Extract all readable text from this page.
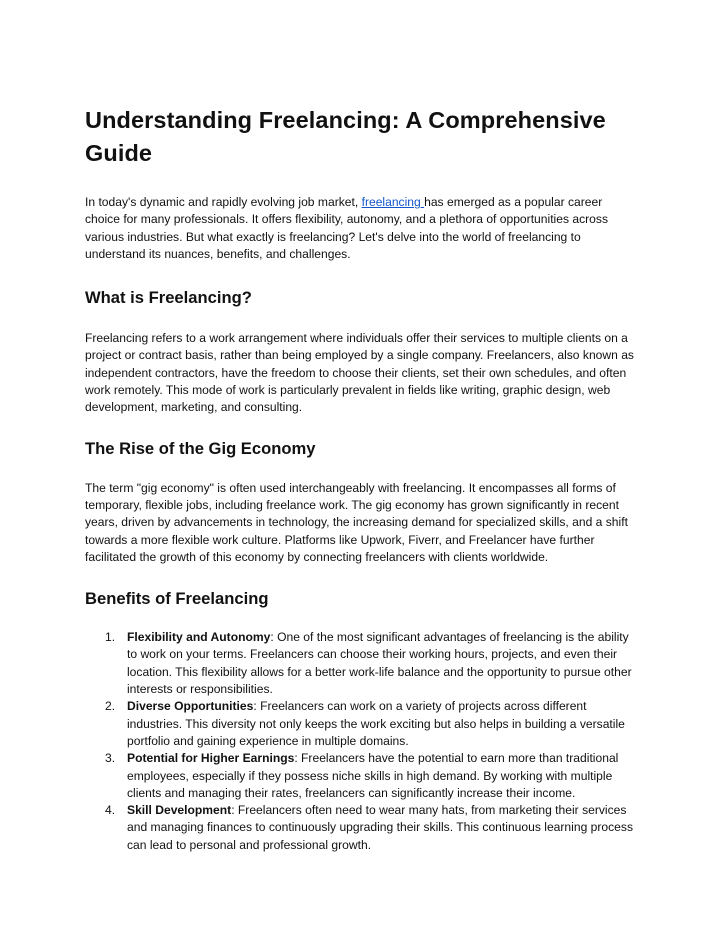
Understanding Freelancing: A Comprehensive Guide

In today's dynamic and rapidly evolving job market, freelancing has emerged as a popular career choice for many professionals. It offers flexibility, autonomy, and a plethora of opportunities across various industries. But what exactly is freelancing? Let's delve into the world of freelancing to understand its nuances, benefits, and challenges.

What is Freelancing?

Freelancing refers to a work arrangement where individuals offer their services to multiple clients on a project or contract basis, rather than being employed by a single company. Freelancers, also known as independent contractors, have the freedom to choose their clients, set their own schedules, and often work remotely. This mode of work is particularly prevalent in fields like writing, graphic design, web development, marketing, and consulting.

The Rise of the Gig Economy

The term "gig economy" is often used interchangeably with freelancing. It encompasses all forms of temporary, flexible jobs, including freelance work. The gig economy has grown significantly in recent years, driven by advancements in technology, the increasing demand for specialized skills, and a shift towards a more flexible work culture. Platforms like Upwork, Fiverr, and Freelancer have further facilitated the growth of this economy by connecting freelancers with clients worldwide.

Benefits of Freelancing
1. Flexibility and Autonomy: One of the most significant advantages of freelancing is the ability to work on your terms. Freelancers can choose their working hours, projects, and even their location. This flexibility allows for a better work-life balance and the opportunity to pursue other interests or responsibilities.
2. Diverse Opportunities: Freelancers can work on a variety of projects across different industries. This diversity not only keeps the work exciting but also helps in building a versatile portfolio and gaining experience in multiple domains.
3. Potential for Higher Earnings: Freelancers have the potential to earn more than traditional employees, especially if they possess niche skills in high demand. By working with multiple clients and managing their rates, freelancers can significantly increase their income.
4. Skill Development: Freelancers often need to wear many hats, from marketing their services and managing finances to continuously upgrading their skills. This continuous learning process can lead to personal and professional growth.
